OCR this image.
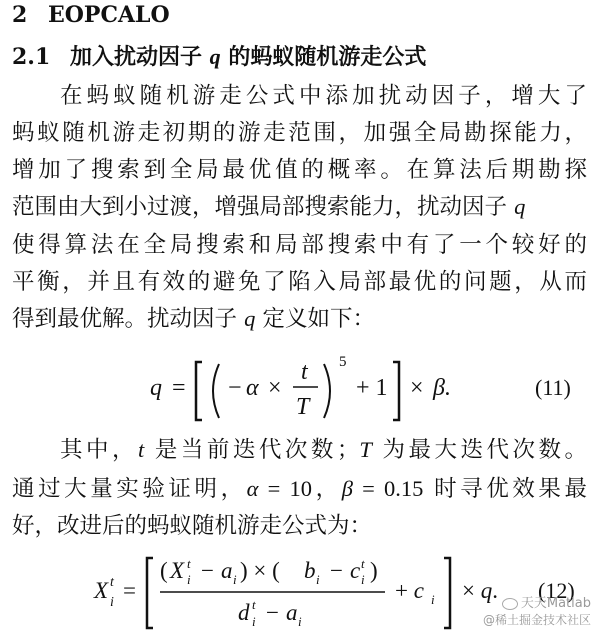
2 EOPCALO
2.1 加入扰动因子 q 的蚂蚁随机游走公式
在蚂蚁随机游走公式中添加扰动因子，增大了
蚂蚁随机游走初期的游走范围，加强全局勘探能力，
增加了搜索到全局最优值的概率。在算法后期勘探
范围由大到小过渡，增强局部搜索能力，扰动因子 q
使得算法在全局搜索和局部搜索中有了一个较好的
平衡，并且有效的避免了陷入局部最优的问题，从而
得到最优解。扰动因子 q 定义如下：
q = − α ×
t
T
5
+ 1 × β.	(11)
其中，t 是当前迭代次数；T 为最大迭代次数。
通过大量实验证明，α = 10，β = 0.15 时寻优效果最
好，改进后的蚂蚁随机游走公式为：
X t
i =
( X t
i − a i ) × ( b i − c t
i )
d t
i − a i
+ c i × q. (12)
天天Matlab
@稀土掘金技术社区
